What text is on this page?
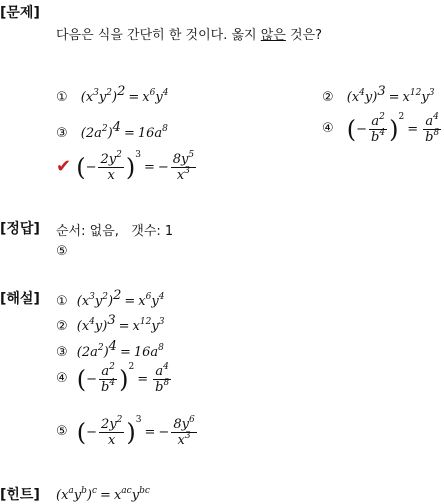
[문제]
다음은 식을 간단히 한 것이다. 옳지 않은 것은?
① $(x^3y^2)^2 = x^6y^4$	② $(x^4y)^3 = x^{12}y^3$
③ $(2a^2)^4 = 16a^8$	④ (− $\frac{a^2}{b^4} )^2= \frac{a^4}{b^8}$
✔ (− $\frac{2y^2}{x} )^3= - \frac{8y^5}{x^3}$
[정답] 순서: 없음,   갯수: 1
⑤
[해설] ① $(x^3y^2)^2 = x^6y^4$
② $(x^4y)^3 = x^{12}y^3$
③ $(2a^2)^4 = 16a^8$
④ (− $\frac{a^2}{b^4} )^2= \frac{a^4}{b^8}$
⑤ (− $\frac{2y^2}{x} )^3= - \frac{8y^6}{x^3}$
[힌트] $(x^ay^b)^c = x^{ac}y^{bc}$
